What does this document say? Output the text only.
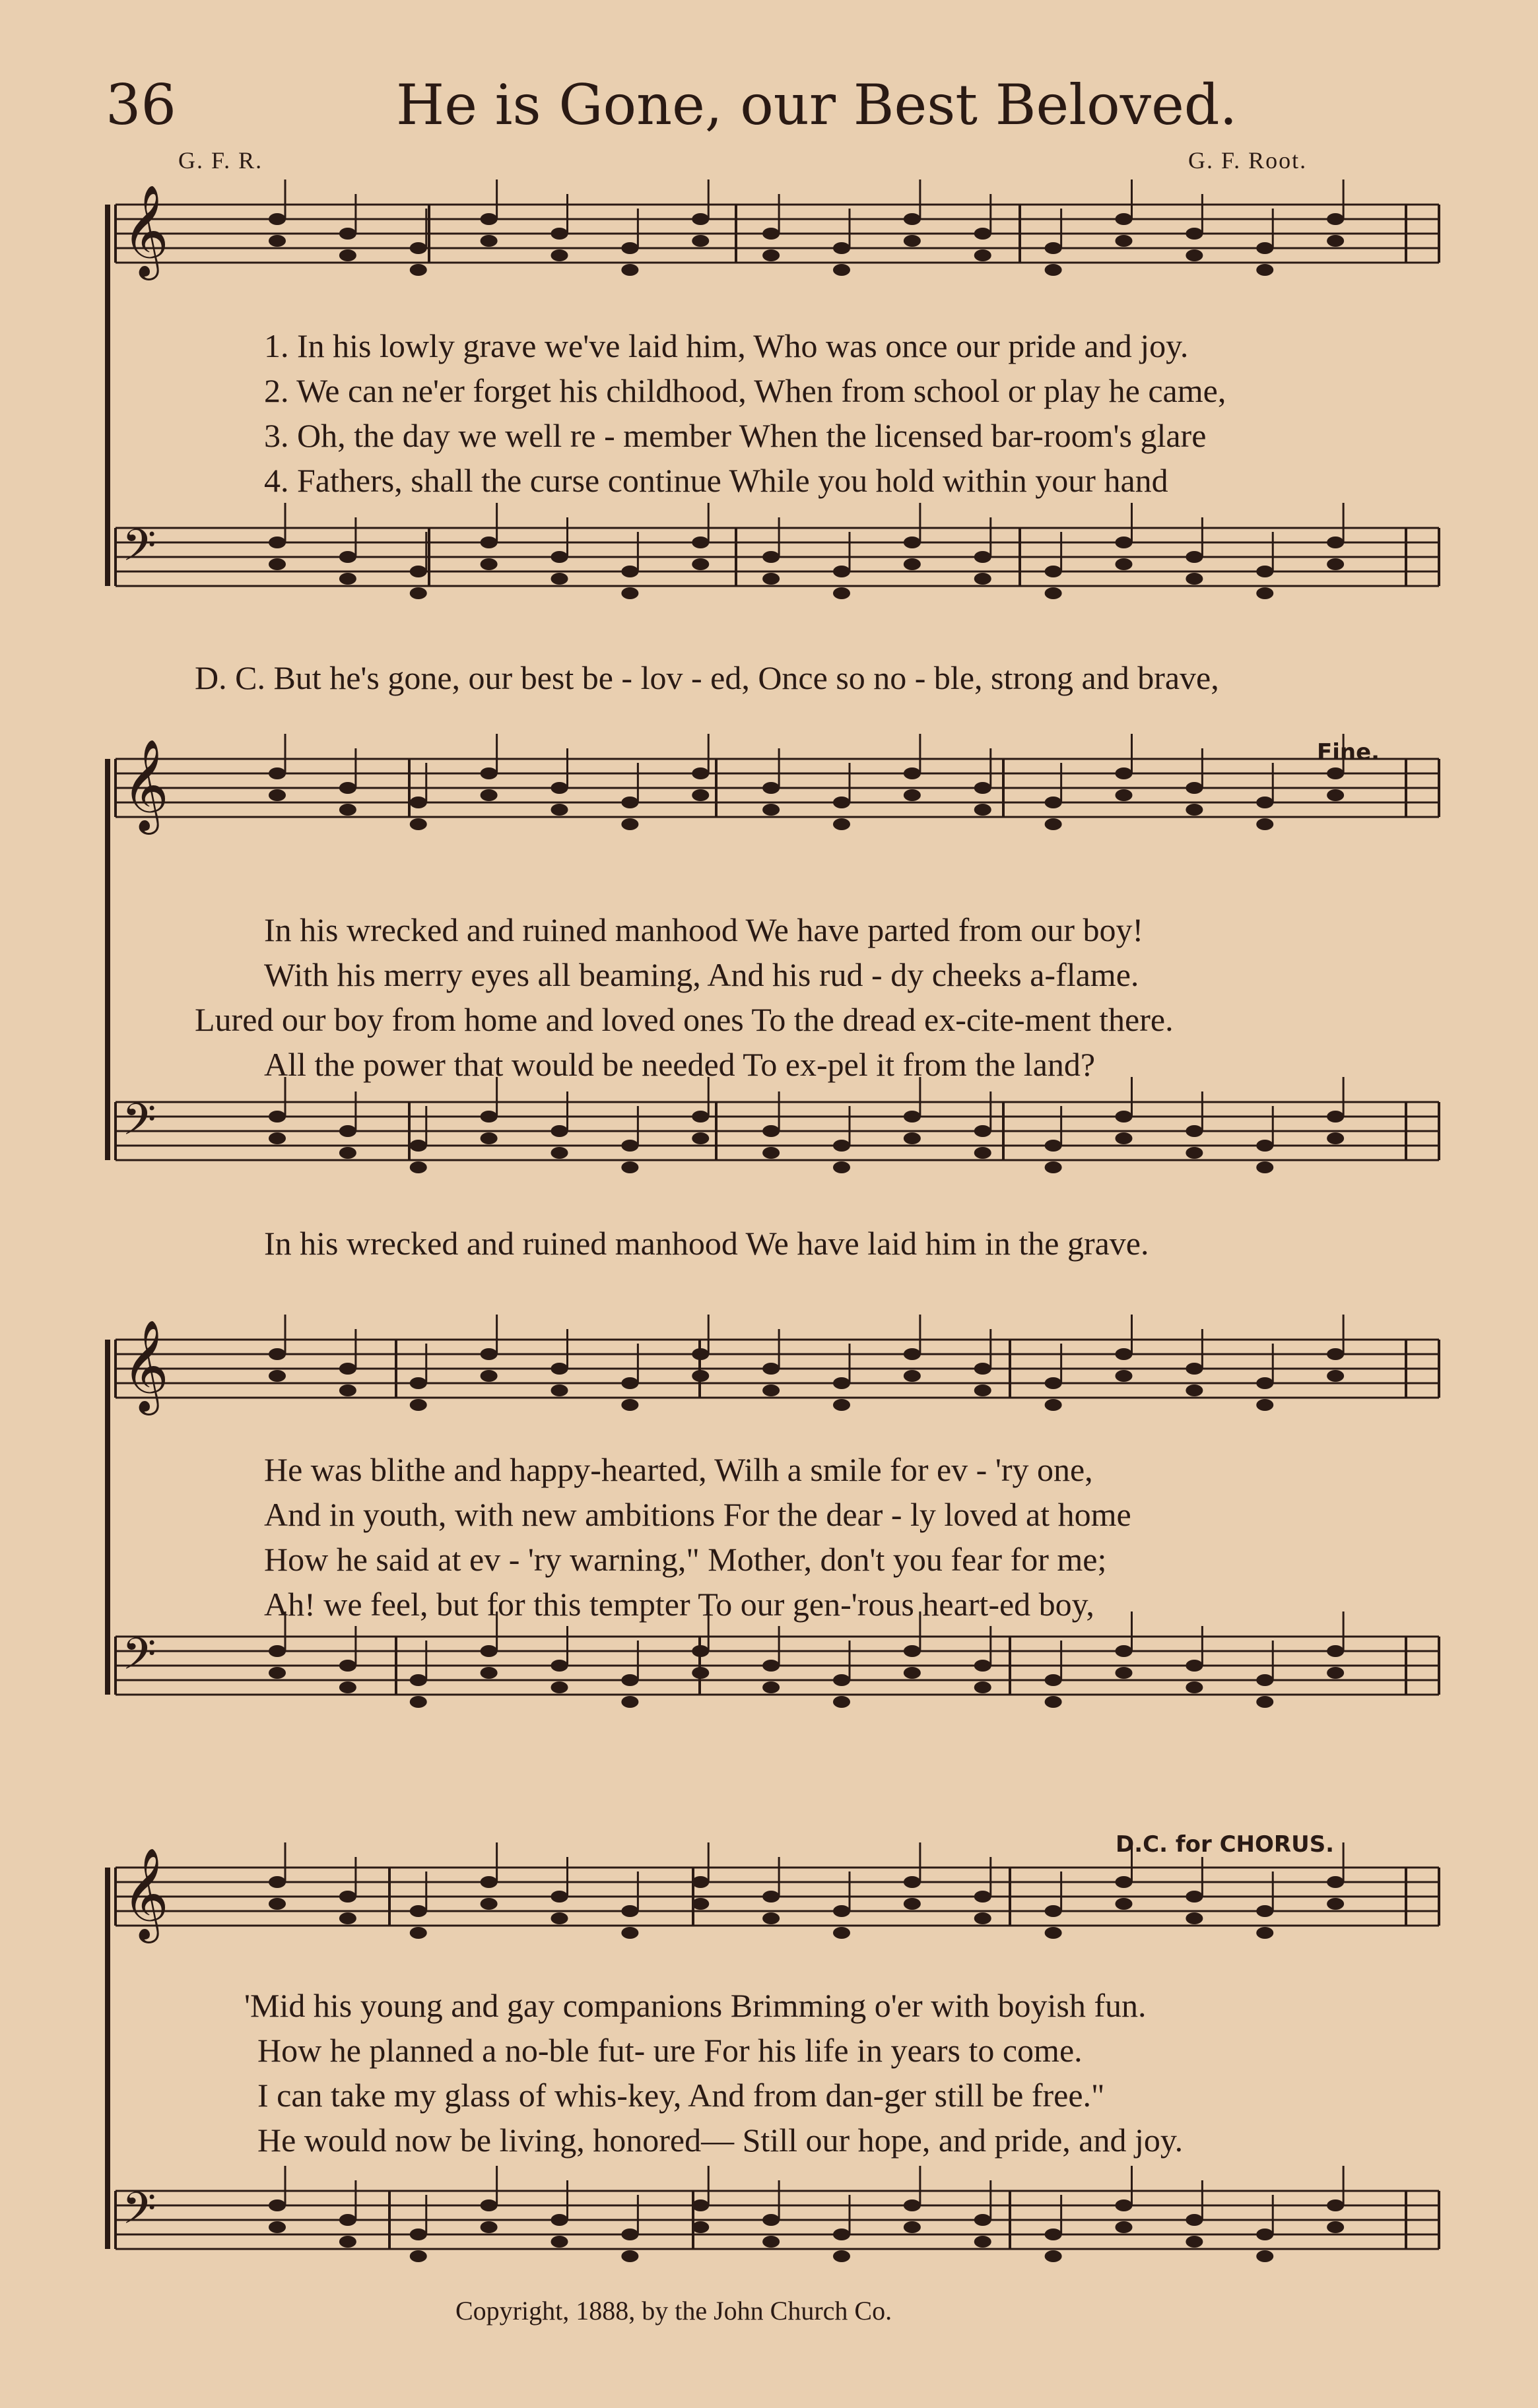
36	He is Gone, our Best Beloved.
G. F. R.	G. F. Root.
𝄞
𝄢
𝄞
𝄢
𝄞
𝄢
𝄞
𝄢
1. In his lowly grave we've laid him, Who was once our pride and joy.
2. We can ne'er forget his childhood, When from school or play he came,
3. Oh, the day we well re - member When the licensed bar-room's glare
4. Fathers, shall the curse continue While you hold within your hand
D. C. But he's gone, our best be - lov - ed, Once so no - ble, strong and brave,
Fine.
In his wrecked and ruined manhood We have parted from our boy!
With his merry eyes all beaming, And his rud - dy cheeks a-flame.
Lured our boy from home and loved ones To the dread ex-cite-ment there.
All the power that would be needed To ex-pel it from the land?
In his wrecked and ruined manhood We have laid him in the grave.
He was blithe and happy-hearted, Wilh a smile for ev - 'ry one,
And in youth, with new ambitions For the dear - ly loved at home
How he said at ev - 'ry warning," Mother, don't you fear for me;
Ah! we feel, but for this tempter To our gen-'rous heart-ed boy,
D.C. for CHORUS.
'Mid his young and gay companions Brimming o'er with boyish fun.
How he planned a no-ble fut- ure For his life in years to come.
I can take my glass of whis-key, And from dan-ger still be free."
He would now be living, honored— Still our hope, and pride, and joy.
Copyright, 1888, by the John Church Co.
